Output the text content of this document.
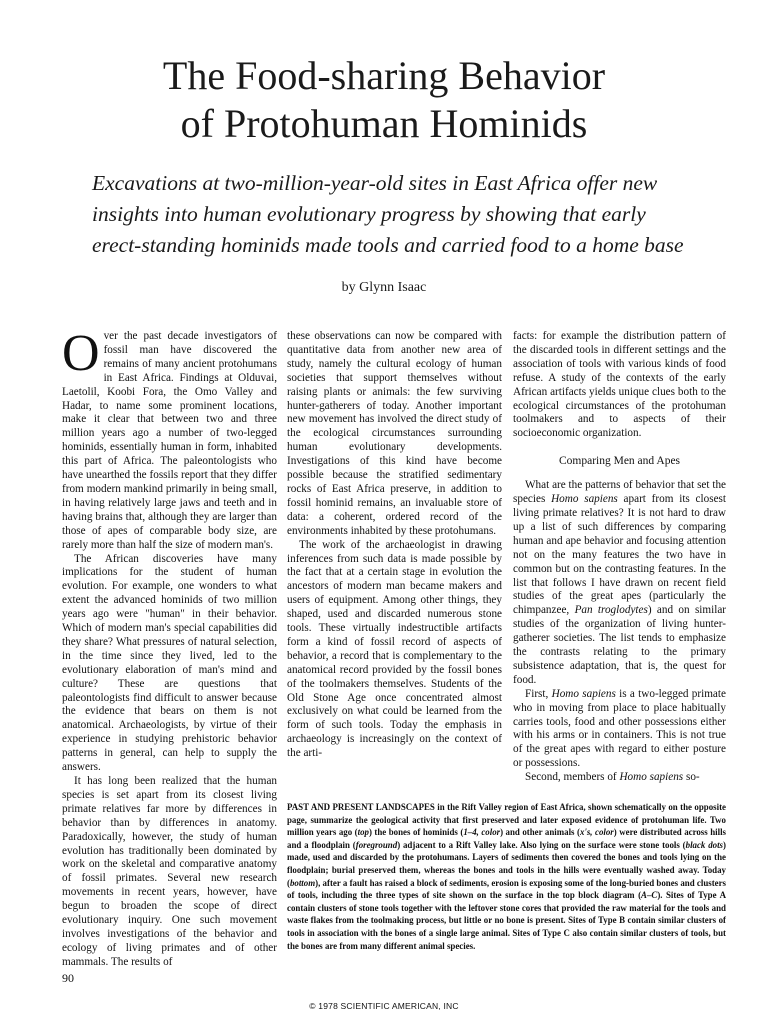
The Food-sharing Behavior
of Protohuman Hominids
Excavations at two-million-year-old sites in East Africa offer new
insights into human evolutionary progress by showing that early
erect-standing hominids made tools and carried food to a home base
by Glynn Isaac

Over the past decade investigators of fossil man have discovered the remains of many ancient protohumans in East Africa. Findings at Olduvai, Laetolil, Koobi Fora, the Omo Valley and Hadar, to name some prominent locations, make it clear that between two and three million years ago a number of two-legged hominids, essentially human in form, inhabited this part of Africa. The paleontologists who have unearthed the fossils report that they differ from modern mankind primarily in being small, in having relatively large jaws and teeth and in having brains that, although they are larger than those of apes of comparable body size, are rarely more than half the size of modern man's.

The African discoveries have many implications for the student of human evolution. For example, one wonders to what extent the advanced hominids of two million years ago were "human" in their behavior. Which of modern man's special capabilities did they share? What pressures of natural selection, in the time since they lived, led to the evolutionary elaboration of man's mind and culture? These are questions that paleontologists find difficult to answer because the evidence that bears on them is not anatomical. Archaeologists, by virtue of their experience in studying prehistoric behavior patterns in general, can help to supply the answers.

It has long been realized that the human species is set apart from its closest living primate relatives far more by differences in behavior than by differences in anatomy. Paradoxically, however, the study of human evolution has traditionally been dominated by work on the skeletal and comparative anatomy of fossil primates. Several new research movements in recent years, however, have begun to broaden the scope of direct evolutionary inquiry. One such movement involves investigations of the behavior and ecology of living primates and of other mammals. The results of

these observations can now be compared with quantitative data from another new area of study, namely the cultural ecology of human societies that support themselves without raising plants or animals: the few surviving hunter-gatherers of today. Another important new movement has involved the direct study of the ecological circumstances surrounding human evolutionary developments. Investigations of this kind have become possible because the stratified sedimentary rocks of East Africa preserve, in addition to fossil hominid remains, an invaluable store of data: a coherent, ordered record of the environments inhabited by these protohumans.

The work of the archaeologist in drawing inferences from such data is made possible by the fact that at a certain stage in evolution the ancestors of modern man became makers and users of equipment. Among other things, they shaped, used and discarded numerous stone tools. These virtually indestructible artifacts form a kind of fossil record of aspects of behavior, a record that is complementary to the anatomical record provided by the fossil bones of the toolmakers themselves. Students of the Old Stone Age once concentrated almost exclusively on what could be learned from the form of such tools. Today the emphasis in archaeology is increasingly on the context of the arti-

facts: for example the distribution pattern of the discarded tools in different settings and the association of tools with various kinds of food refuse. A study of the contexts of the early African artifacts yields unique clues both to the ecological circumstances of the protohuman toolmakers and to aspects of their socioeconomic organization.

Comparing Men and Apes

What are the patterns of behavior that set the species Homo sapiens apart from its closest living primate relatives? It is not hard to draw up a list of such differences by comparing human and ape behavior and focusing attention not on the many features the two have in common but on the contrasting features. In the list that follows I have drawn on recent field studies of the great apes (particularly the chimpanzee, Pan troglodytes) and on similar studies of the organization of living hunter-gatherer societies. The list tends to emphasize the contrasts relating to the primary subsistence adaptation, that is, the quest for food.

First, Homo sapiens is a two-legged primate who in moving from place to place habitually carries tools, food and other possessions either with his arms or in containers. This is not true of the great apes with regard to either posture or possessions.

Second, members of Homo sapiens so-

PAST AND PRESENT LANDSCAPES in the Rift Valley region of East Africa, shown schematically on the opposite page, summarize the geological activity that first preserved and later exposed evidence of protohuman life. Two million years ago (top) the bones of hominids (1–4, color) and other animals (x's, color) were distributed across hills and a floodplain (foreground) adjacent to a Rift Valley lake. Also lying on the surface were stone tools (black dots) made, used and discarded by the protohumans. Layers of sediments then covered the bones and tools lying on the floodplain; burial preserved them, whereas the bones and tools in the hills were eventually washed away. Today (bottom), after a fault has raised a block of sediments, erosion is exposing some of the long-buried bones and clusters of tools, including the three types of site shown on the surface in the top block diagram (A–C). Sites of Type A contain clusters of stone tools together with the leftover stone cores that provided the raw material for the tools and waste flakes from the toolmaking process, but little or no bone is present. Sites of Type B contain similar clusters of tools in association with the bones of a single large animal. Sites of Type C also contain similar clusters of tools, but the bones are from many different animal species.
90
© 1978 SCIENTIFIC AMERICAN, INC
